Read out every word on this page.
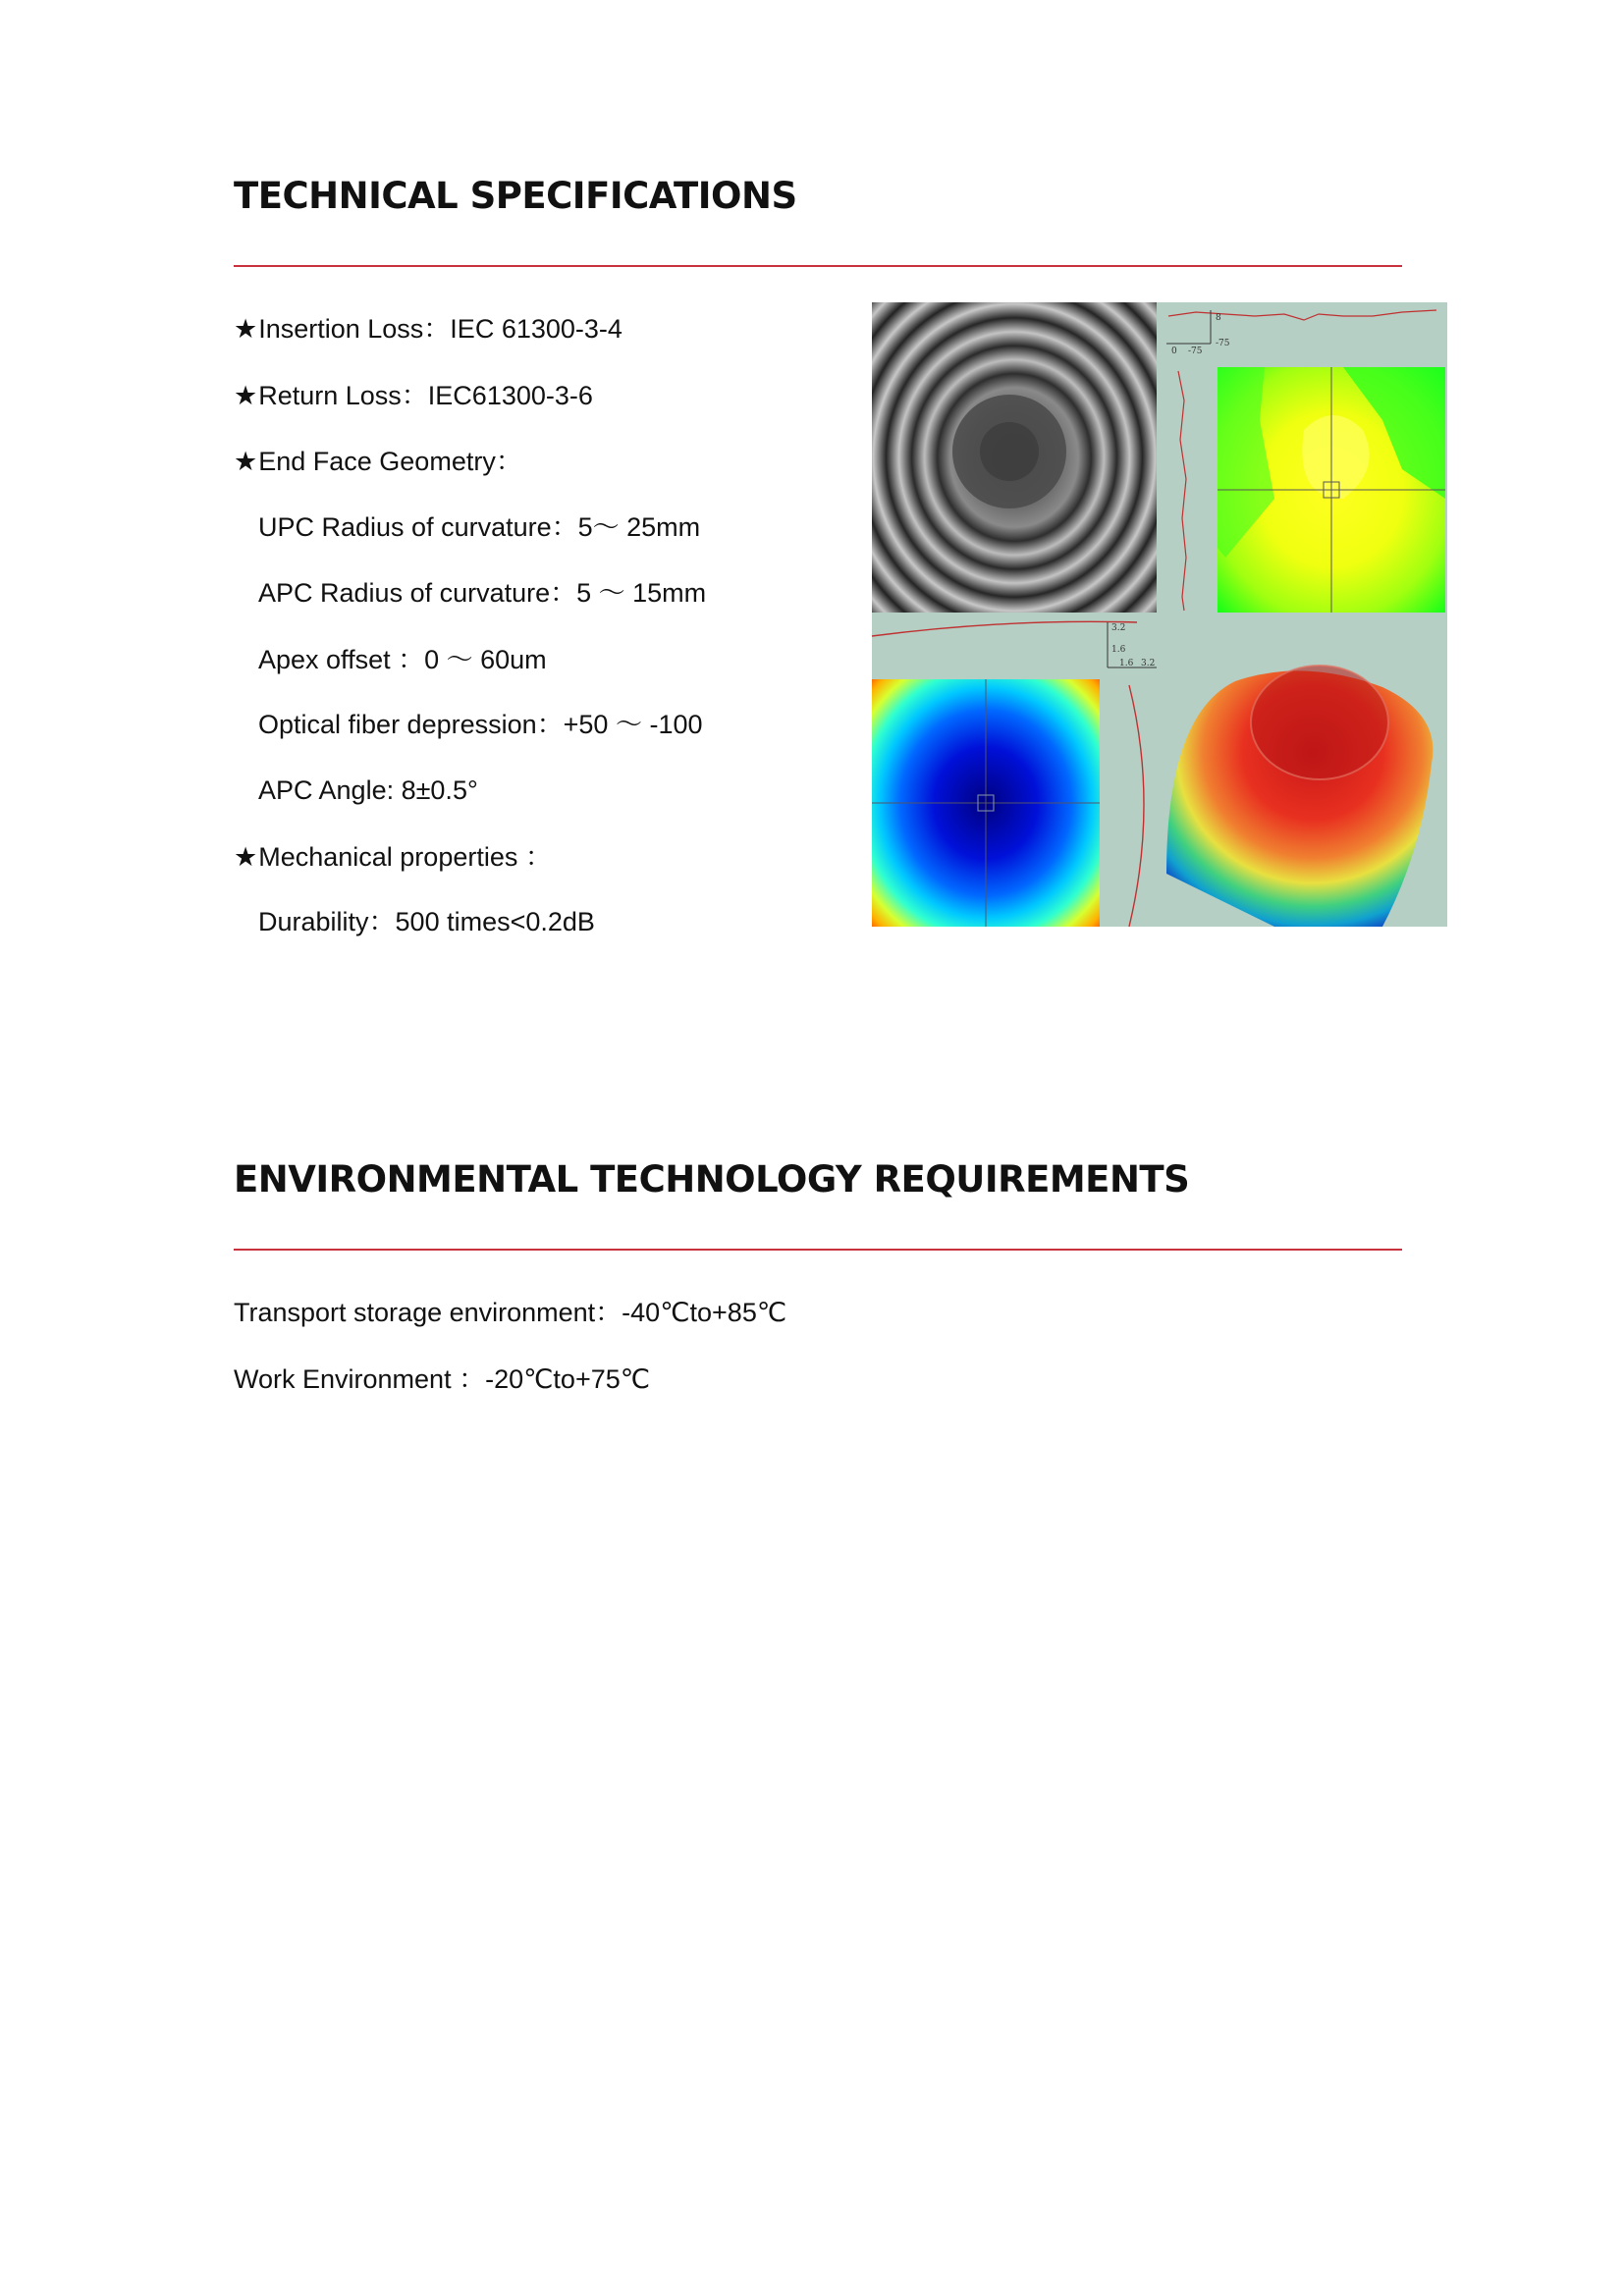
TECHNICAL SPECIFICATIONS
★Insertion Loss：IEC 61300-3-4
★Return Loss：IEC61300-3-6
★End Face Geometry：
UPC Radius of curvature：5～ 25mm
APC Radius of curvature：5 ～ 15mm
Apex offset ：0 ～ 60um
Optical fiber depression：+50 ～ -100
APC Angle: 8±0.5°
★Mechanical properties ：
Durability：500 times<0.2dB
8
0 -75
-75
3.2
1.6
1.6 3.2
ENVIRONMENTAL TECHNOLOGY REQUIREMENTS
Transport storage environment：-40℃to+85℃
Work Environment ：-20℃to+75℃
